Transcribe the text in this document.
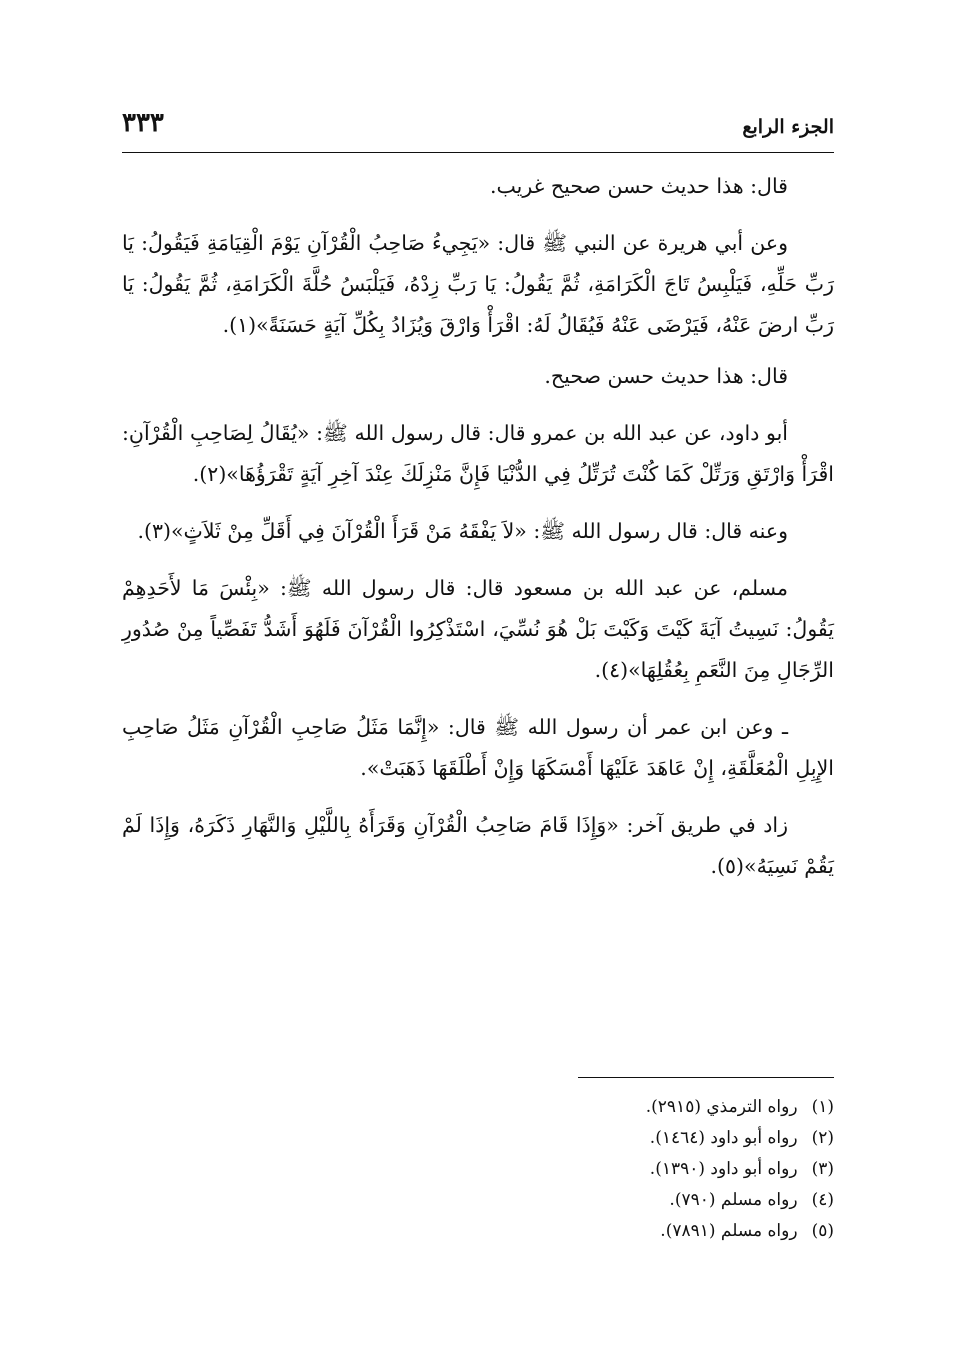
الجزء الرابع
٣٣٣

قال: هذا حديث حسن صحيح غريب.

وعن أبي هريرة عن النبي ﷺ قال: «يَجِيءُ صَاحِبُ الْقُرْآنِ يَوْمَ الْقِيَامَةِ فَيَقُولُ: يَا رَبِّ حَلِّهِ، فَيَلْبِسُ تَاجَ الْكَرَامَةِ، ثُمَّ يَقُولُ: يَا رَبِّ زِدْهُ، فَيَلْبَسُ حُلَّةَ الْكَرَامَةِ، ثُمَّ يَقُولُ: يَا رَبِّ ارضَ عَنْهُ، فَيَرْضَى عَنْهُ فَيُقَالُ لَهُ: اقْرَأْ وَارْقَ وَيُزَادُ بِكُلِّ آيَةٍ حَسَنَةً»(١).

قال: هذا حديث حسن صحيح.

أبو داود، عن عبد الله بن عمرو قال: قال رسول الله ﷺ: «يُقَالُ لِصَاحِبِ الْقُرْآنِ: اقْرَأْ وَارْتَقِ وَرَتِّلْ كَمَا كُنْتَ تُرَتِّلُ فِي الدُّنْيَا فَإِنَّ مَنْزِلَكَ عِنْدَ آخِرِ آيَةٍ تَقْرَؤُهَا»(٢).

وعنه قال: قال رسول الله ﷺ: «لاَ يَفْقَهُ مَنْ قَرَأَ الْقُرْآنَ فِي أَقَلِّ مِنْ ثَلاَثٍ»(٣).

مسلم، عن عبد الله بن مسعود قال: قال رسول الله ﷺ: «بِئْسَ مَا لأَحَدِهِمْ يَقُولُ: نَسِيتُ آيَةَ كَيْتَ وَكَيْتَ بَلْ هُوَ نُسِّيَ، اسْتَذْكِرُوا الْقُرْآنَ فَلَهُوَ أَشَدُّ تَفَصِّياً مِنْ صُدُورِ الرِّجَالِ مِنَ النَّعَمِ بِعُقُلِهَا»(٤).

ـ وعن ابن عمر أن رسول الله ﷺ قال: «إِنَّمَا مَثَلُ صَاحِبِ الْقُرْآنِ مَثَلُ صَاحِبِ الإِبِلِ الْمُعَلَّقَةِ، إِنْ عَاهَدَ عَلَيْهَا أَمْسَكَهَا وَإِنْ أَطْلَقَهَا ذَهَبَتْ».

زاد في طريق آخر: «وَإِذَا قَامَ صَاحِبُ الْقُرْآنِ وَقَرَأَهُ بِاللَّيْلِ وَالنَّهَارِ ذَكَرَهُ، وَإِذَا لَمْ يَقُمْ نَسِيَهُ»(٥).

(١)رواه الترمذي (٢٩١٥).
(٢)رواه أبو داود (١٤٦٤).
(٣)رواه أبو داود (١٣٩٠).
(٤)رواه مسلم (٧٩٠).
(٥)رواه مسلم (٧٨٩١).
